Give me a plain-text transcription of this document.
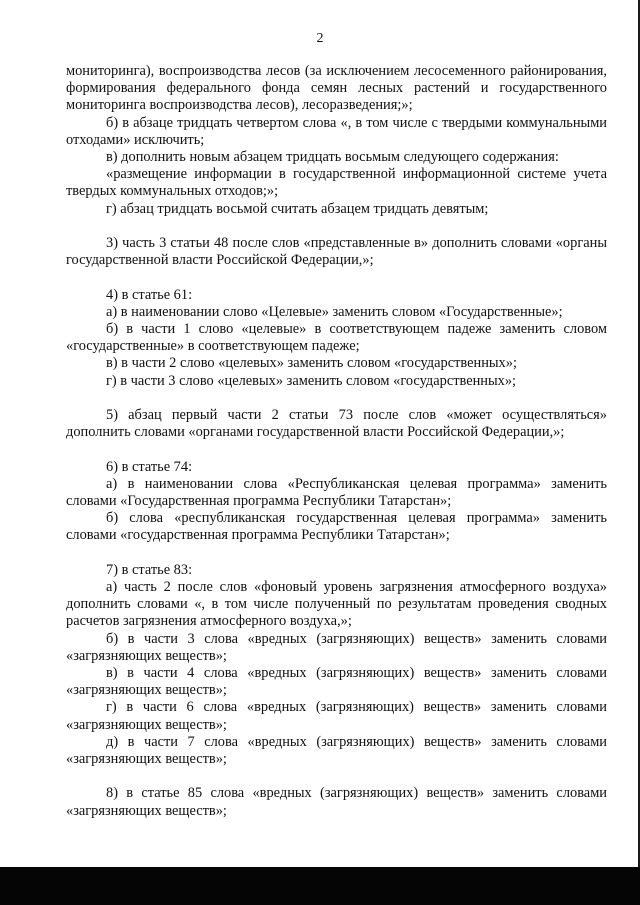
2

мониторинга), воспроизводства лесов (за исключением лесосеменного районирования, формирования федерального фонда семян лесных растений и государственного мониторинга воспроизводства лесов), лесоразведения;»;

б) в абзаце тридцать четвертом слова «, в том числе с твердыми коммунальными отходами» исключить;

в) дополнить новым абзацем тридцать восьмым следующего содержания:

«размещение информации в государственной информационной системе учета твердых коммунальных отходов;»;

г) абзац тридцать восьмой считать абзацем тридцать девятым;

3) часть 3 статьи 48 после слов «представленные в» дополнить словами «органы государственной власти Российской Федерации,»;

4) в статье 61:

а) в наименовании слово «Целевые» заменить словом «Государственные»;

б) в части 1 слово «целевые» в соответствующем падеже заменить словом «государственные» в соответствующем падеже;

в) в части 2 слово «целевых» заменить словом «государственных»;

г) в части 3 слово «целевых» заменить словом «государственных»;

5) абзац первый части 2 статьи 73 после слов «может осуществляться» дополнить словами «органами государственной власти Российской Федерации,»;

6) в статье 74:

а) в наименовании слова «Республиканская целевая программа» заменить словами «Государственная программа Республики Татарстан»;

б) слова «республиканская государственная целевая программа» заменить словами «государственная программа Республики Татарстан»;

7) в статье 83:

а) часть 2 после слов «фоновый уровень загрязнения атмосферного воздуха» дополнить словами «, в том числе полученный по результатам проведения сводных расчетов загрязнения атмосферного воздуха,»;

б) в части 3 слова «вредных (загрязняющих) веществ» заменить словами «загрязняющих веществ»;

в) в части 4 слова «вредных (загрязняющих) веществ» заменить словами «загрязняющих веществ»;

г) в части 6 слова «вредных (загрязняющих) веществ» заменить словами «загрязняющих веществ»;

д) в части 7 слова «вредных (загрязняющих) веществ» заменить словами «загрязняющих веществ»;

8) в статье 85 слова «вредных (загрязняющих) веществ» заменить словами «загрязняющих веществ»;
